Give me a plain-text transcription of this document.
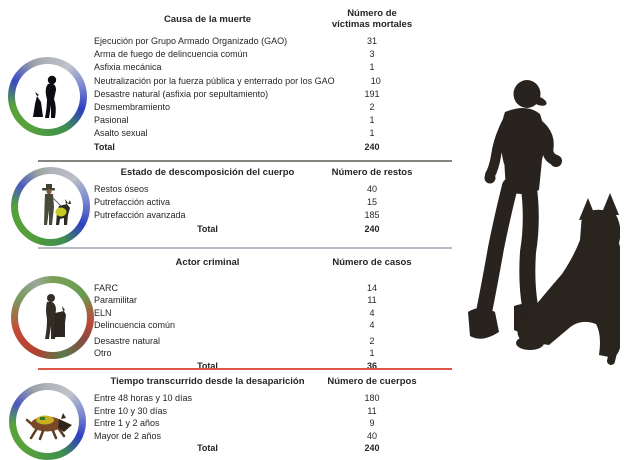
Causa de la muerte	Número de víctimas mortales
Ejecución por Grupo Armado Organizado (GAO)	31
Arma de fuego de delincuencia común	3
Asfixia mecánica	1
Neutralización por la fuerza pública y enterrado por los GAO	10
Desastre natural (asfixia por sepultamiento)	191
Desmembramiento	2
Pasional	1
Asalto sexual	1
Total	240
Estado de descomposición del cuerpo	Número de restos
Restos óseos	40
Putrefacción activa	15
Putrefacción avanzada	185
Total	240
Actor criminal	Número de casos
FARC	14
Paramilitar	11
ELN	4
Delincuencia común	4
Desastre natural	2
Otro	1
Total	36
Tiempo transcurrido desde la desaparición	Número de cuerpos
Entre 48 horas y 10 días	180
Entre 10 y 30 días	11
Entre 1 y 2 años	9
Mayor de 2 años	40
Total	240
